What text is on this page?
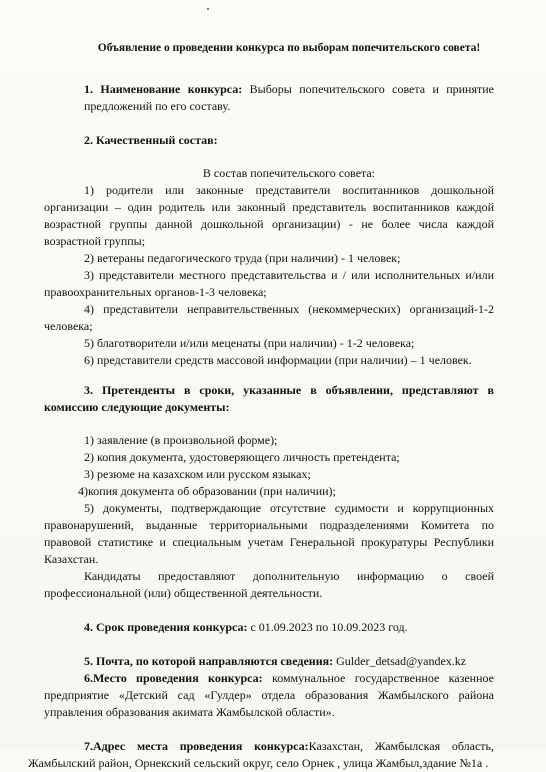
Объявление о проведении конкурса по выборам попечительского совета!

1. Наименование конкурса: Выборы попечительского совета и принятие предложений по его составу.

2. Качественный состав:

В состав попечительского совета:

1) родители или законные представители воспитанников дошкольной организации – один родитель или законный представитель воспитанников каждой возрастной группы данной дошкольной организации) - не более числа каждой возрастной группы;

2) ветераны педагогического труда (при наличии) - 1 человек;

3) представители местного представительства и / или исполнительных и/или правоохранительных органов-1-3 человека;

4) представители неправительственных (некоммерческих) организаций-1-2 человека;

5) благотворители и/или меценаты (при наличии) - 1-2 человека;

6) представители средств массовой информации (при наличии) – 1 человек.

3. Претенденты в сроки, указанные в объявлении, представляют в комиссию следующие документы:

1) заявление (в произвольной форме);

2) копия документа, удостоверяющего личность претендента;

3) резюме на казахском или русском языках;

4)копия документа об образовании (при наличии);

5) документы, подтверждающие отсутствие судимости и коррупционных правонарушений, выданные территориальными подразделениями Комитета по правовой статистике и специальным учетам Генеральной прокуратуры Республики Казахстан.

Кандидаты предоставляют дополнительную информацию о своей профессиональной (или) общественной деятельности.

4. Срок проведения конкурса: с 01.09.2023 по 10.09.2023 год.

5. Почта, по которой направляются сведения: Gulder_detsad@yandex.kz

6.Место проведения конкурса: коммунальное государственное казенное предприятие «Детский сад «Гулдер» отдела образования Жамбылского района управления образования акимата Жамбылской области».

7.Адрес места проведения конкурса:Казахстан, Жамбылская область, Жамбылский район, Орнекский сельский округ, село Орнек , улица Жамбыл,здание №1а .
